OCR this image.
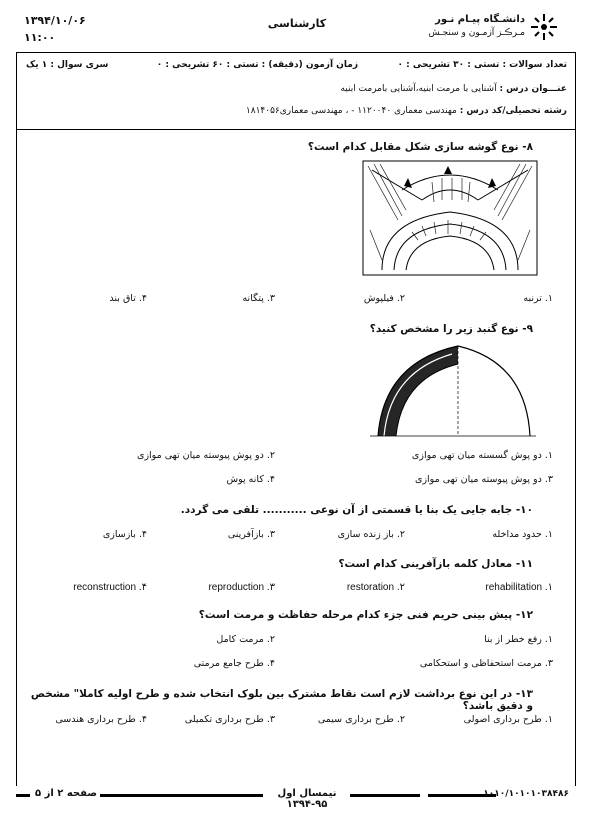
۱۳۹۴/۱۰/۰۶
۱۱:۰۰
کارشناسی	دانشـگاه پیـام نـور
مـرڪـز آزمـون و سنجـش
تعداد سوالات : تستی : ۳۰ تشریحی : ۰
زمان آزمون (دقیقه) : تستی : ۶۰ تشریحی : ۰
سری سوال : ۱ یک
عنـــوان درس : آشنایی با مرمت ابنیه،آشنایی بامرمت ابنیه
رشته تحصیلی/کد درس : مهندسی معماری ۱۱۲۰۰۴۰ - ، مهندسی معماری۱۸۱۴۰۵۶
۸- نوع گوشه سازی شکل مقابل کدام است؟
۱. ترنبه
۲. فیلپوش
۳. پتگانه
۴. تاق بند
۹- نوع گنبد زیر را مشخص کنید؟
۱. دو پوش گسسته میان تهی موازی
۲. دو پوش پیوسته میان تهی موازی
۳. دو پوش پیوسته میان تهی موازی
۴. کانه پوش
۱۰- جابه جایی یک بنا یا قسمتی از آن نوعی ........... تلقی می گردد.
۱. حدود مداخله
۲. باز زنده سازی
۳. بازآفرینی
۴. بازسازی
۱۱- معادل کلمه بازآفرینی کدام است؟
rehabilitation .۱
restoration .۲
reproduction .۳
reconstruction .۴
۱۲- پیش بینی حریم فنی جزء کدام مرحله حفاظت و مرمت است؟
۱. رفع خطر از بنا
۲. مرمت کامل
۳. مرمت استحفاظی و استحکامی
۴. طرح جامع مرمتی
۱۳- در این نوع برداشت لازم است نقاط مشترک بین بلوک انتخاب شده و طرح اولیه کاملا" مشخص و دقیق باشد؟
۱. طرح برداری اصولی
۲. طرح برداری سیمی
۳. طرح برداری تکمیلی
۴. طرح برداری هندسی
۱۰۱۰/۱۰۱۰۱۰۳۸۴۸۶
نیمسال اول ۹۵-۱۳۹۴
صفحه ۲ از ۵
